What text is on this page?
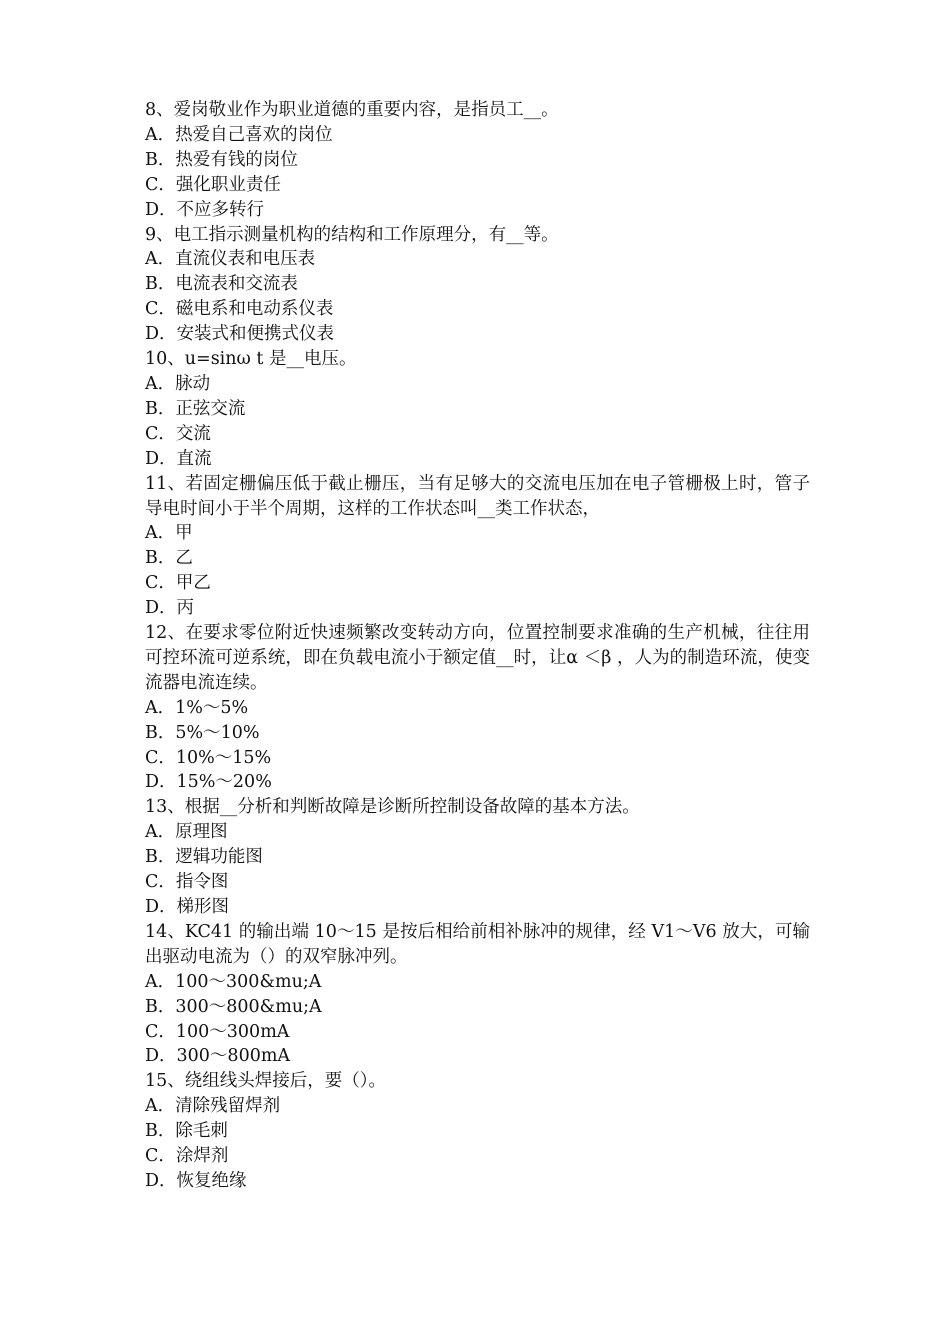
8、爱岗敬业作为职业道德的重要内容，是指员工__。

A．热爱自己喜欢的岗位

B．热爱有钱的岗位

C．强化职业责任

D．不应多转行

9、电工指示测量机构的结构和工作原理分，有__等。

A．直流仪表和电压表

B．电流表和交流表

C．磁电系和电动系仪表

D．安装式和便携式仪表

10、u=sinω t 是__电压。

A．脉动

B．正弦交流

C．交流

D．直流

11、若固定栅偏压低于截止栅压，当有足够大的交流电压加在电子管栅极上时，管子导电时间小于半个周期，这样的工作状态叫__类工作状态，

A．甲

B．乙

C．甲乙

D．丙

12、在要求零位附近快速频繁改变转动方向，位置控制要求准确的生产机械，往往用可控环流可逆系统，即在负载电流小于额定值__时，让α ＜β ，人为的制造环流，使变流器电流连续。

A．1%～5%

B．5%～10%

C．10%～15%

D．15%～20%

13、根据__分析和判断故障是诊断所控制设备故障的基本方法。

A．原理图

B．逻辑功能图

C．指令图

D．梯形图

14、KC41 的输出端 10～15 是按后相给前相补脉冲的规律，经 V1～V6 放大，可输出驱动电流为（）的双窄脉冲列。

A．100～300&mu;A

B．300～800&mu;A

C．100～300mA

D．300～800mA

15、绕组线头焊接后，要（）。

A．清除残留焊剂

B．除毛刺

C．涂焊剂

D．恢复绝缘
